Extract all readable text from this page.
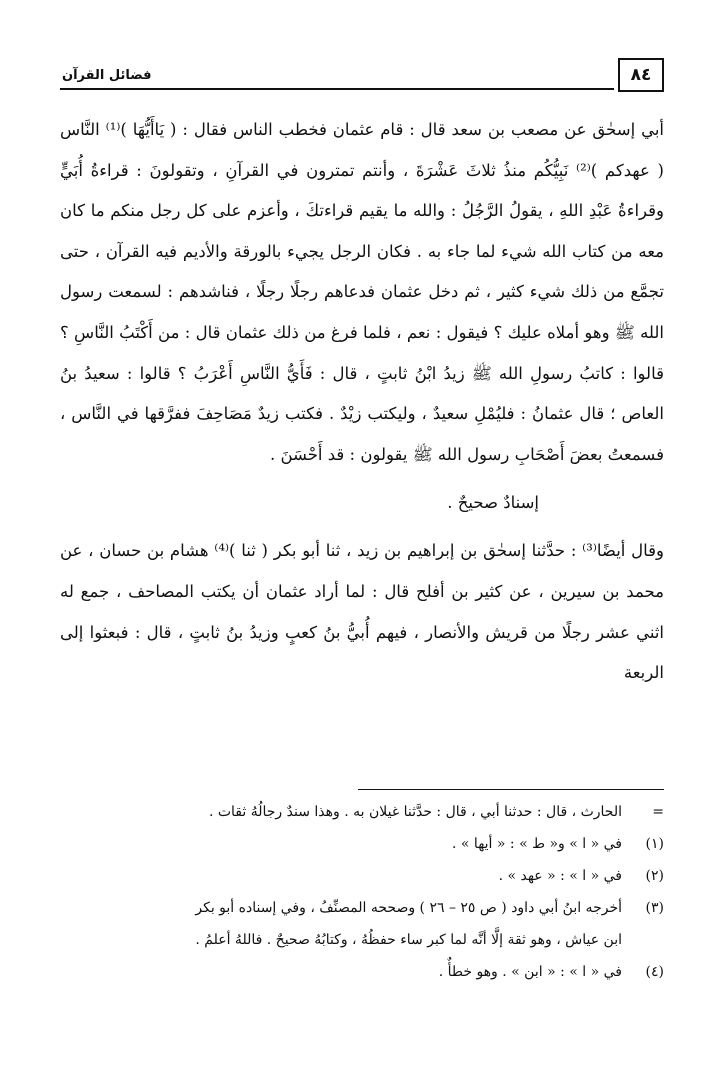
فضائل القرآن	٨٤

أبي إسحٰق عن مصعب بن سعد قال : قام عثمان فخطب الناس فقال : ( يَاأَيُّهَا )⁽¹⁾ النَّاس ( عهدكم )⁽²⁾ نَبِيُّكُم منذُ ثلاثَ عَشْرَةَ ، وأنتم تمترون في القرآنِ ، وتقولونَ : قراءةُ أُبَيٍّ وقراءةُ عَبْدِ اللهِ ، يقولُ الرَّجُلُ : والله ما يقيم قراءتكَ ، وأعزم على كل رجل منكم ما كان معه من كتاب الله شيء لما جاء به . فكان الرجل يجيء بالورقة والأديم فيه القرآن ، حتى تجمَّع من ذلك شيء كثير ، ثم دخل عثمان فدعاهم رجلًا رجلًا ، فناشدهم : لسمعت رسول الله ﷺ وهو أملاه عليك ؟ فيقول : نعم ، فلما فرغ من ذلك عثمان قال : من أَكْتَبُ النَّاسِ ؟ قالوا : كاتبُ رسولِ الله ﷺ زيدُ ابْنُ ثابتٍ ، قال : فَأَيُّ النَّاسِ أَعْرَبُ ؟ قالوا : سعيدُ بنُ العاص ؛ قال عثمانُ : فليُمْلِ سعيدٌ ، وليكتب زيْدٌ . فكتب زيدٌ مَصَاحِفَ ففرَّقها في النَّاس ، فسمعتُ بعضَ أَصْحَابِ رسول الله ﷺ يقولون : قد أَحْسَنَ .

إسنادٌ صحيحٌ .

وقال أيضًا⁽³⁾ : حدَّثنا إسحٰق بن إبراهيم بن زيد ، ثنا أبو بكر ( ثنا )⁽⁴⁾ هشام بن حسان ، عن محمد بن سيرين ، عن كثير بن أفلح قال : لما أراد عثمان أن يكتب المصاحف ، جمع له اثني عشر رجلًا من قريش والأنصار ، فيهم أُبيُّ بنُ كعبٍ وزيدُ بنُ ثابتٍ ، قال : فبعثوا إلى الربعة

=
الحارث ، قال : حدثنا أبي ، قال : حدَّثنا غيلان به . وهذا سندٌ رجالُهُ ثقات .
(١)
في « ا » و« ط » : « أيها » .
(٢)
في « ا » : « عهد » .
(٣)
أخرجه ابنُ أبي داود ( ص ٢٥ – ٢٦ ) وصححه المصنِّفُ ، وفي إسناده أبو بكر
ابن عياش ، وهو ثقة إلَّا أنَّه لما كبر ساء حفظُهُ ، وكتابُهُ صحيحٌ . فاللهُ أعلمُ .
(٤)
في « ا » : « ابن » . وهو خطأٌ .
